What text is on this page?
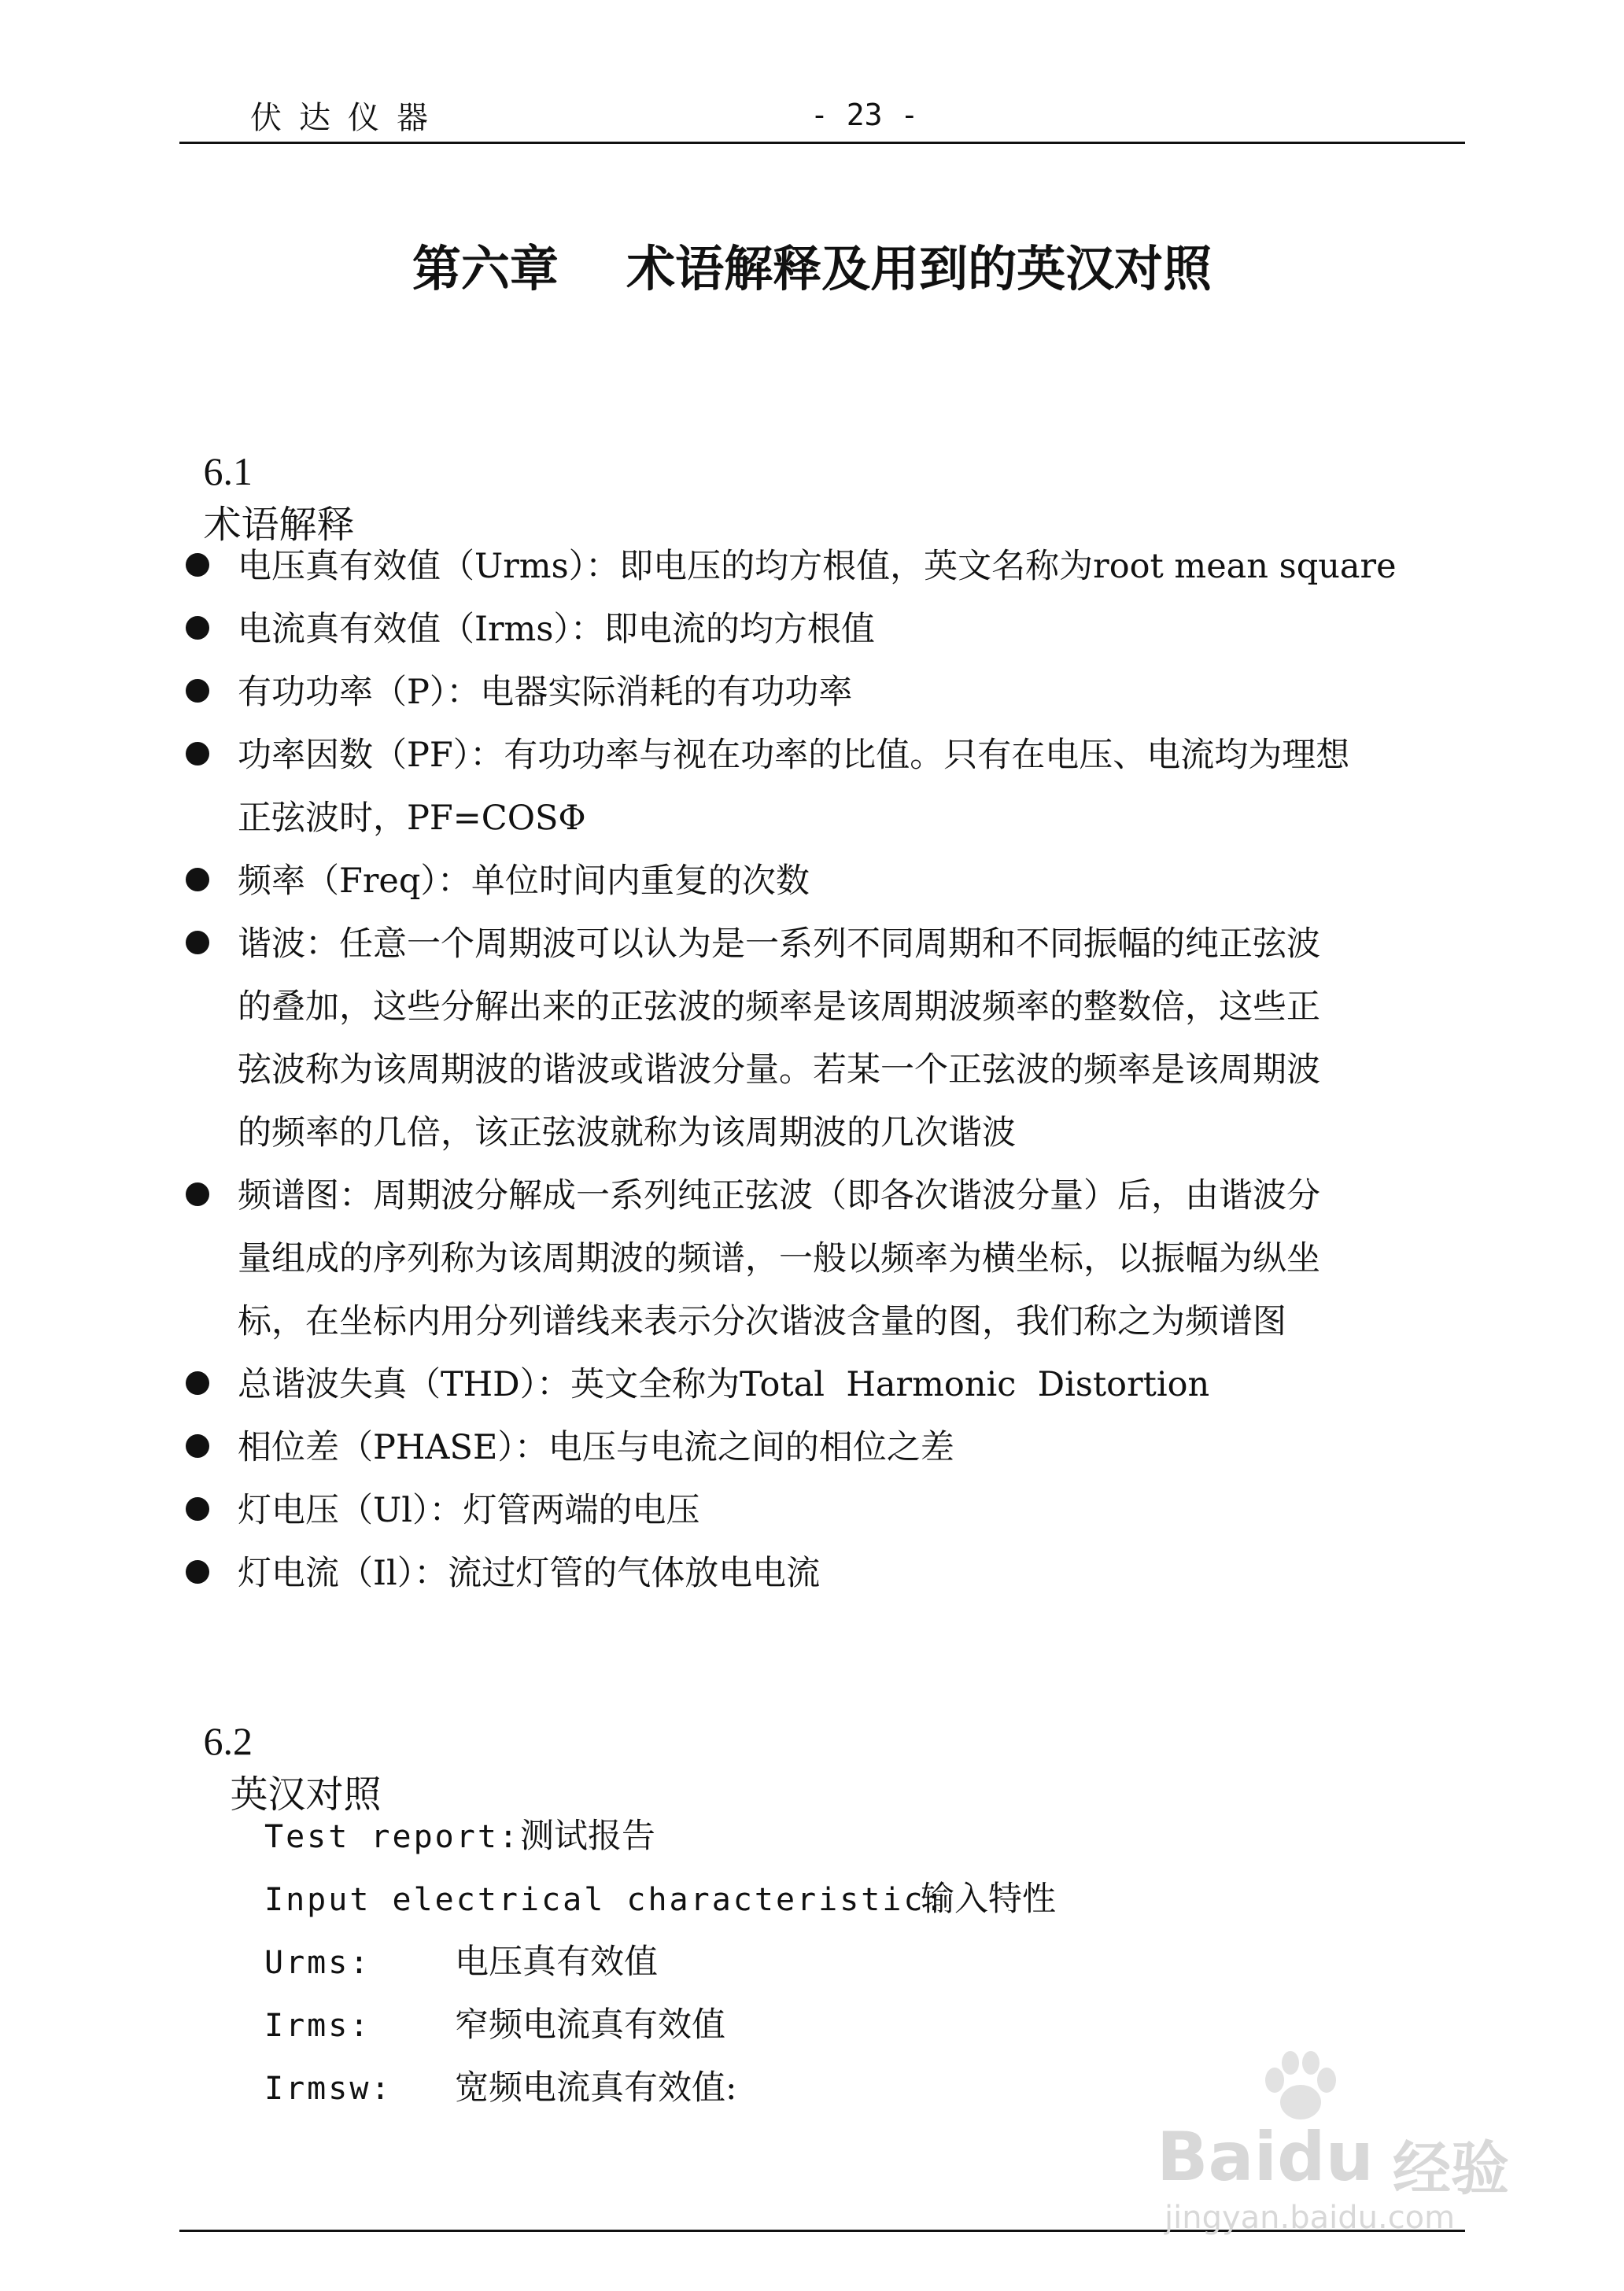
伏达仪器	- 23 -
第六章    术语解释及用到的英汉对照

6.1
术语解释

电压真有效值（Urms）：即电压的均方根值，英文名称为root mean square
电流真有效值（Irms）：即电流的均方根值
有功功率（P）：电器实际消耗的有功功率
功率因数（PF）：有功功率与视在功率的比值。只有在电压、电流均为理想
正弦波时，PF=COSΦ
频率（Freq）：单位时间内重复的次数
谐波：任意一个周期波可以认为是一系列不同周期和不同振幅的纯正弦波
的叠加，这些分解出来的正弦波的频率是该周期波频率的整数倍，这些正
弦波称为该周期波的谐波或谐波分量。若某一个正弦波的频率是该周期波
的频率的几倍，该正弦波就称为该周期波的几次谐波
频谱图：周期波分解成一系列纯正弦波（即各次谐波分量）后，由谐波分
量组成的序列称为该周期波的频谱，一般以频率为横坐标，以振幅为纵坐
标，在坐标内用分列谱线来表示分次谐波含量的图，我们称之为频谱图
总谐波失真（THD）：英文全称为Total  Harmonic  Distortion
相位差（PHASE）：电压与电流之间的相位之差
灯电压（Ul）：灯管两端的电压
灯电流（Il）：流过灯管的气体放电电流

6.2
英汉对照

Test report:测试报告
Input electrical characteristic:
输入特性
Urms: 电压真有效值
Irms: 窄频电流真有效值
Irmsw: 宽频电流真有效值:
Baidu 经验
jingyan.baidu.com
